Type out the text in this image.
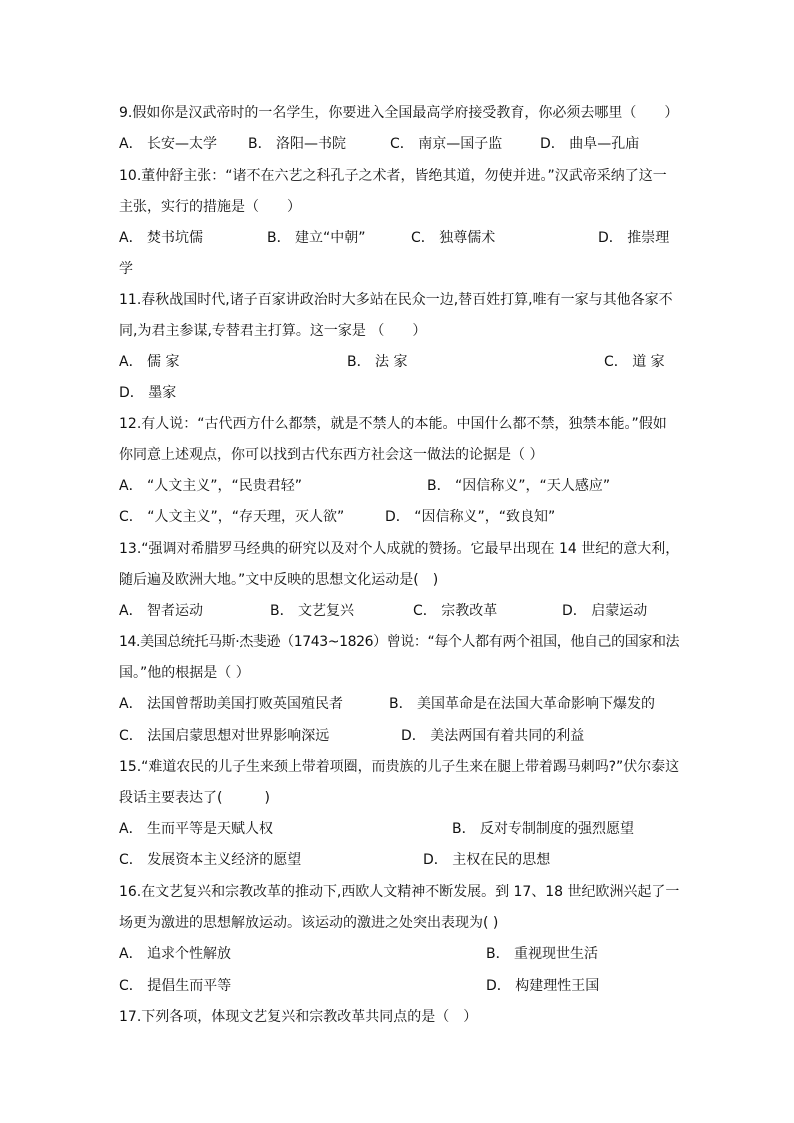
9.假如你是汉武帝时的一名学生，你要进入全国最高学府接受教育，你必须去哪里（　　）
A． 长安—太学 B． 洛阳—书院	C． 南京—国子监	D． 曲阜—孔庙
10.董仲舒主张：“诸不在六艺之科孔子之术者，皆绝其道，勿使并进。”汉武帝采纳了这一
主张，实行的措施是（　　）
A． 焚书坑儒	B． 建立“中朝”	C． 独尊儒术	D． 推崇理
学
11.春秋战国时代,诸子百家讲政治时大多站在民众一边,替百姓打算,唯有一家与其他各家不
同,为君主参谋,专替君主打算。这一家是 （　　）
A． 儒 家	B． 法 家	C． 道 家
D． 墨家
12.有人说：“古代西方什么都禁，就是不禁人的本能。中国什么都不禁，独禁本能。”假如
你同意上述观点，你可以找到古代东西方社会这一做法的论据是（ ）
A． “人文主义”，“民贵君轻”	B． “因信称义”，“天人感应”
C． “人文主义”，“存天理，灭人欲”	D． “因信称义”，“致良知”
13.“强调对希腊罗马经典的研究以及对个人成就的赞扬。它最早出现在 14 世纪的意大利，
随后遍及欧洲大地。”文中反映的思想文化运动是(　)
A． 智者运动	B． 文艺复兴	C． 宗教改革	D． 启蒙运动
14.美国总统托马斯·杰斐逊（1743~1826）曾说：“每个人都有两个祖国，他自己的国家和法
国。”他的根据是（ ）
A． 法国曾帮助美国打败英国殖民者	B． 美国革命是在法国大革命影响下爆发的
C． 法国启蒙思想对世界影响深远	D． 美法两国有着共同的利益
15.“难道农民的儿子生来颈上带着项圈，而贵族的儿子生来在腿上带着踢马刺吗?”伏尔泰这
段话主要表达了(　　　)
A． 生而平等是天赋人权	B． 反对专制制度的强烈愿望
C． 发展资本主义经济的愿望	D． 主权在民的思想
16.在文艺复兴和宗教改革的推动下,西欧人文精神不断发展。到 17、18 世纪欧洲兴起了一
场更为激进的思想解放运动。该运动的激进之处突出表现为( )
A． 追求个性解放	B． 重视现世生活
C． 提倡生而平等	D． 构建理性王国
17.下列各项，体现文艺复兴和宗教改革共同点的是（　）
